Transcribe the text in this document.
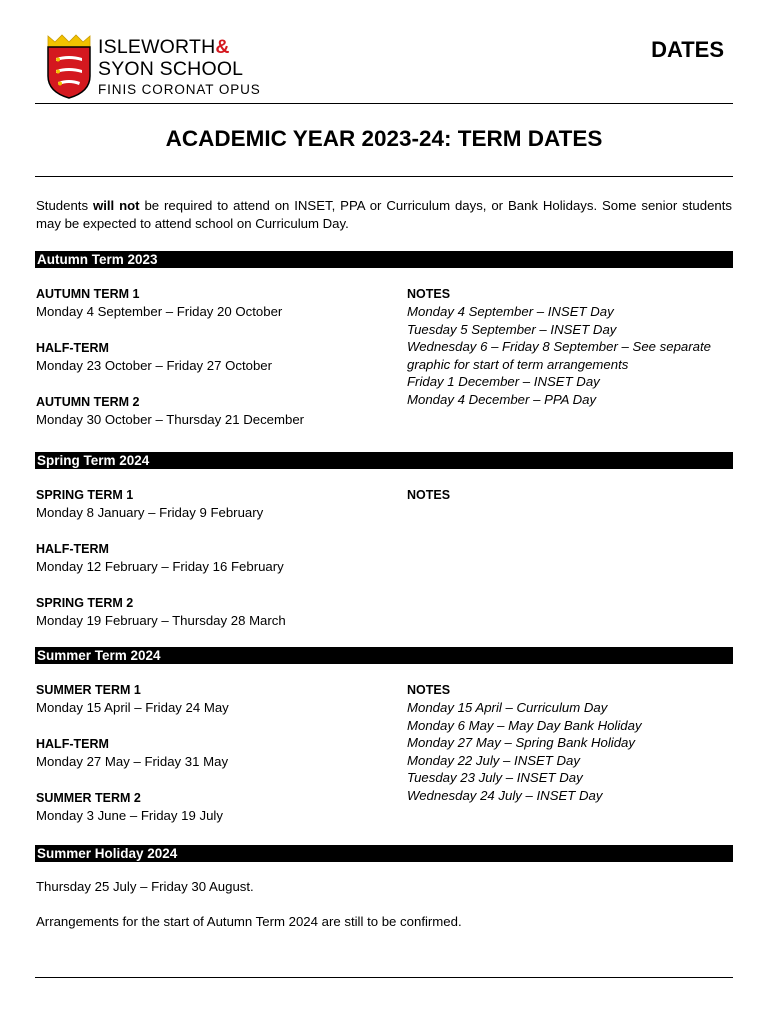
ISLEWORTH&
SYON SCHOOL
FINIS CORONAT OPUS
DATES
ACADEMIC YEAR 2023-24: TERM DATES
Students will not be required to attend on INSET, PPA or Curriculum days, or Bank Holidays. Some senior students may be expected to attend school on Curriculum Day.
Autumn Term 2023
AUTUMN TERM 1
Monday 4 September – Friday 20 October
HALF-TERM
Monday 23 October – Friday 27 October
AUTUMN TERM 2
Monday 30 October – Thursday 21 December
NOTES
Monday 4 September – INSET Day
Tuesday 5 September – INSET Day
Wednesday 6 – Friday 8 September – See separate graphic for start of term arrangements
Friday 1 December – INSET Day
Monday 4 December – PPA Day
Spring Term 2024
SPRING TERM 1
Monday 8 January – Friday 9 February
HALF-TERM
Monday 12 February – Friday 16 February
SPRING TERM 2
Monday 19 February – Thursday 28 March
NOTES
Summer Term 2024
SUMMER TERM 1
Monday 15 April – Friday 24 May
HALF-TERM
Monday 27 May – Friday 31 May
SUMMER TERM 2
Monday 3 June – Friday 19 July
NOTES
Monday 15 April – Curriculum Day
Monday 6 May – May Day Bank Holiday
Monday 27 May – Spring Bank Holiday
Monday 22 July – INSET Day
Tuesday 23 July – INSET Day
Wednesday 24 July – INSET Day
Summer Holiday 2024
Thursday 25 July – Friday 30 August.
Arrangements for the start of Autumn Term 2024 are still to be confirmed.
